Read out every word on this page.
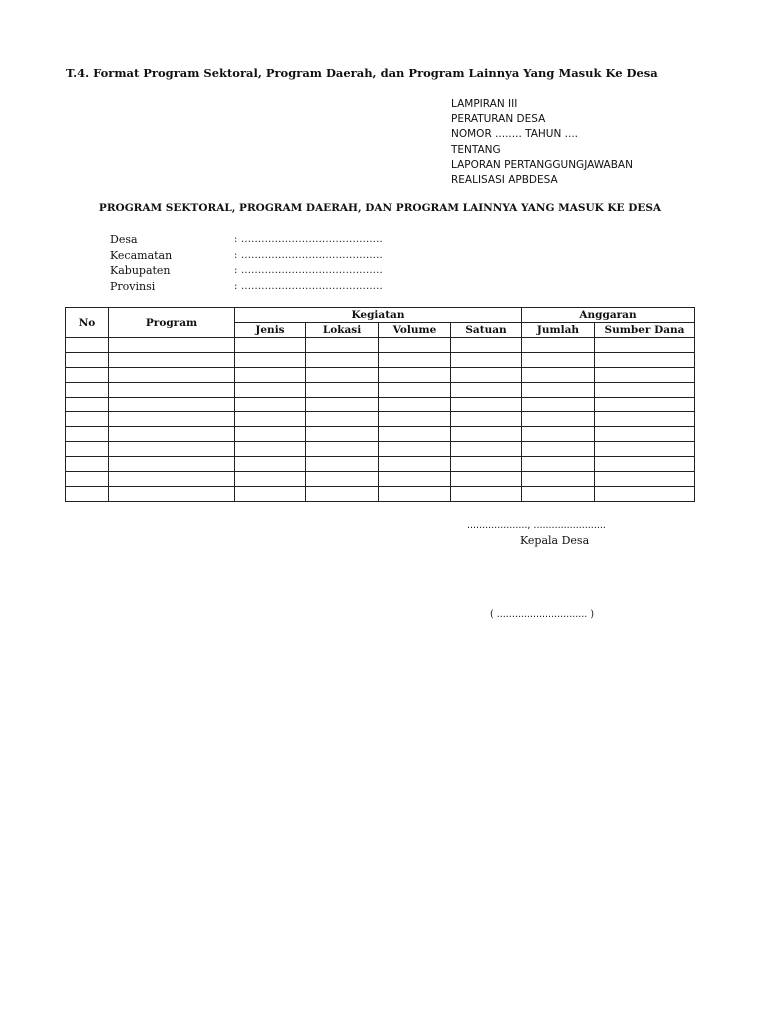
T.4. Format Program Sektoral, Program Daerah, dan Program Lainnya Yang Masuk Ke Desa
LAMPIRAN III
PERATURAN DESA
NOMOR ........ TAHUN ....
TENTANG
LAPORAN PERTANGGUNGJAWABAN
REALISASI APBDESA
PROGRAM SEKTORAL, PROGRAM DAERAH, DAN PROGRAM LAINNYA YANG MASUK KE DESA
Desa	: ..........................................
Kecamatan	: ..........................................
Kabupaten	: ..........................................
Provinsi	: ..........................................
No	Program	Kegiatan				Anggaran	
		Jenis	Lokasi	Volume	Satuan	Jumlah	Sumber Dana

...................., ........................
Kepala Desa
( .............................. )
